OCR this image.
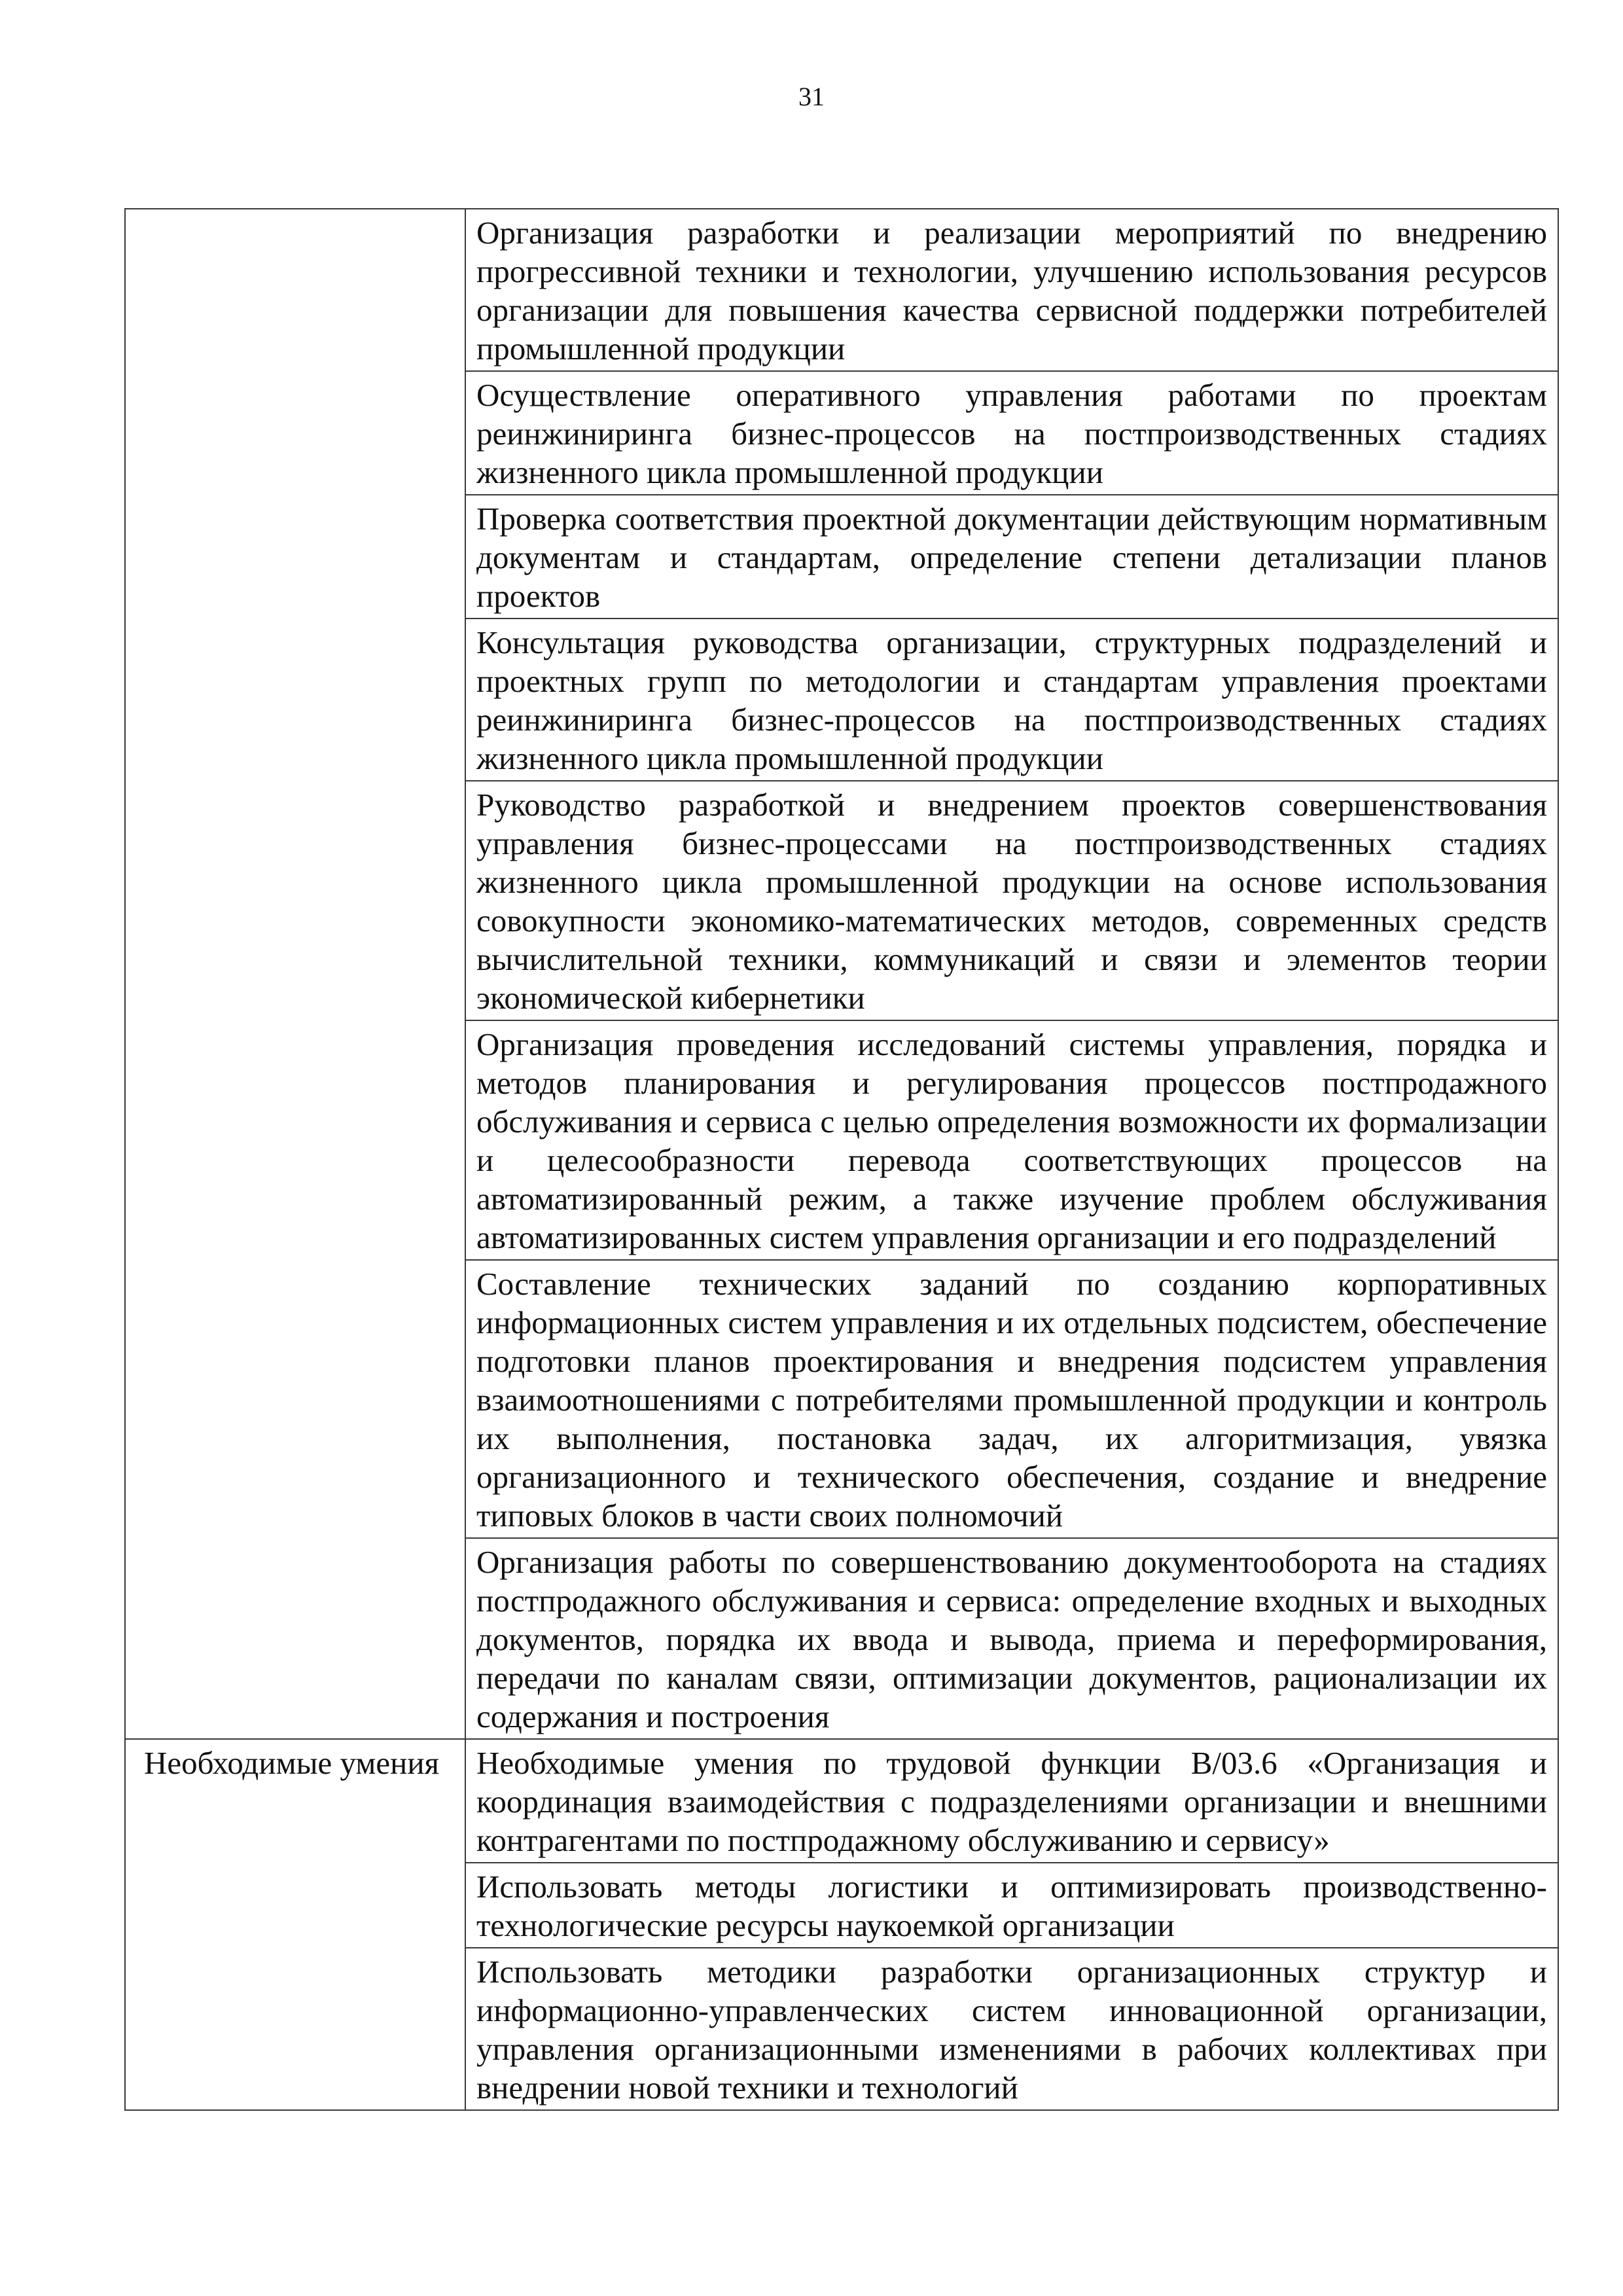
31
	Организация разработки и реализации мероприятий по внедрению прогрессивной техники и технологии, улучшению использования ресурсов организации для повышения качества сервисной поддержки потребителей промышленной продукции
	Осуществление оперативного управления работами по проектам реинжиниринга бизнес-процессов на постпроизводственных стадиях жизненного цикла промышленной продукции
	Проверка соответствия проектной документации действующим нормативным документам и стандартам, определение степени детализации планов проектов
	Консультация руководства организации, структурных подразделений и проектных групп по методологии и стандартам управления проектами реинжиниринга бизнес-процессов на постпроизводственных стадиях жизненного цикла промышленной продукции
	Руководство разработкой и внедрением проектов совершенствования управления бизнес-процессами на постпроизводственных стадиях жизненного цикла промышленной продукции на основе использования совокупности экономико-математических методов, современных средств вычислительной техники, коммуникаций и связи и элементов теории экономической кибернетики
	Организация проведения исследований системы управления, порядка и методов планирования и регулирования процессов постпродажного обслуживания и сервиса с целью определения возможности их формализации и целесообразности перевода соответствующих процессов на автоматизированный режим, а также изучение проблем обслуживания автоматизированных систем управления организации и его подразделений
	Составление технических заданий по созданию корпоративных информационных систем управления и их отдельных подсистем, обеспечение подготовки планов проектирования и внедрения подсистем управления взаимоотношениями с потребителями промышленной продукции и контроль их выполнения, постановка задач, их алгоритмизация, увязка организационного и технического обеспечения, создание и внедрение типовых блоков в части своих полномочий
	Организация работы по совершенствованию документооборота на стадиях постпродажного обслуживания и сервиса: определение входных и выходных документов, порядка их ввода и вывода, приема и переформирования, передачи по каналам связи, оптимизации документов, рационализации их содержания и построения
Необходимые умения	Необходимые умения по трудовой функции В/03.6 «Организация и координация взаимодействия с подразделениями организации и внешними контрагентами по постпродажному обслуживанию и сервису»
	Использовать методы логистики и оптимизировать производственно-технологические ресурсы наукоемкой организации
	Использовать методики разработки организационных структур и информационно-управленческих систем инновационной организации, управления организационными изменениями в рабочих коллективах при внедрении новой техники и технологий
